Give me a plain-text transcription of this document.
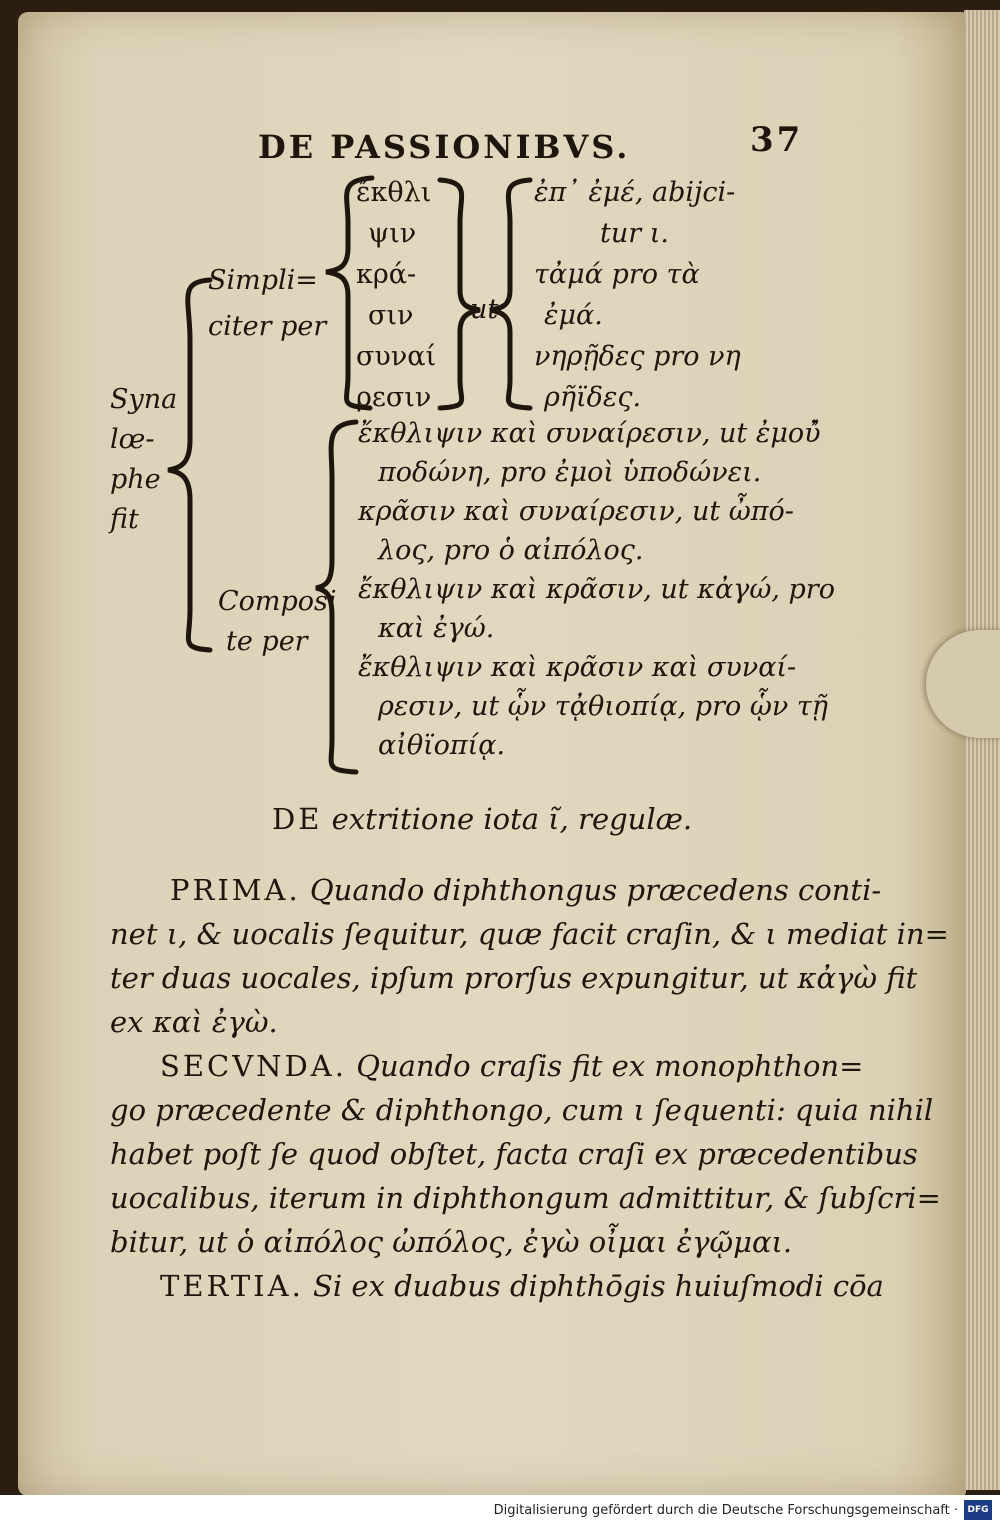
DE PASSIONIBVS.	37
Syna
lœ-
phe
fit
Simpli=
citer per
ἔκθλι
ψιν
κρά-
σιν
συναί
ρεσιν
ut
ἐπ᾽ ἐμέ, abijci-
tur ι.
τἀμά pro τὰ
ἐμά.
νηρῇδες pro νη
ρῆϊδες.
Composi
te per
ἔκθλιψιν καὶ συναίρεσιν, ut ἐμοὐ̓
ποδώνη, pro ἐμοὶ ὑποδώνει.
κρᾶσιν καὶ συναίρεσιν, ut ὦπό-
λος, pro ὁ αἰπόλος.
ἔκθλιψιν καὶ κρᾶσιν, ut κἀγώ, pro
καὶ ἐγώ.
ἔκθλιψιν καὶ κρᾶσιν καὶ συναί-
ρεσιν, ut ᾧν τᾀθιοπίᾳ, pro ᾧν τῇ
αἰθϊοπίᾳ.
DE extritione iota ῖ, regulæ.
PRIMA. Quando diphthongus præcedens conti-
net ι, & uocalis ſequitur, quæ facit craſin, & ι mediat in=
ter duas uocales, ipſum prorſus expungitur, ut κἀγὼ fit
ex καὶ ἐγὼ.
SECVNDA. Quando craſis fit ex monophthon=
go præcedente & diphthongo, cum ι ſequenti: quia nihil
habet poſt ſe quod obſtet, facta craſi ex præcedentibus
uocalibus, iterum in diphthongum admittitur, & ſubſcri=
bitur, ut ὁ αἰπόλος ὠπόλος, ἐγὼ οἶμαι ἐγῷμαι.
TERTIA. Si ex duabus diphthōgis huiuſmodi cōa
Digitalisierung gefördert durch die Deutsche Forschungsgemeinschaft ·	DFG
